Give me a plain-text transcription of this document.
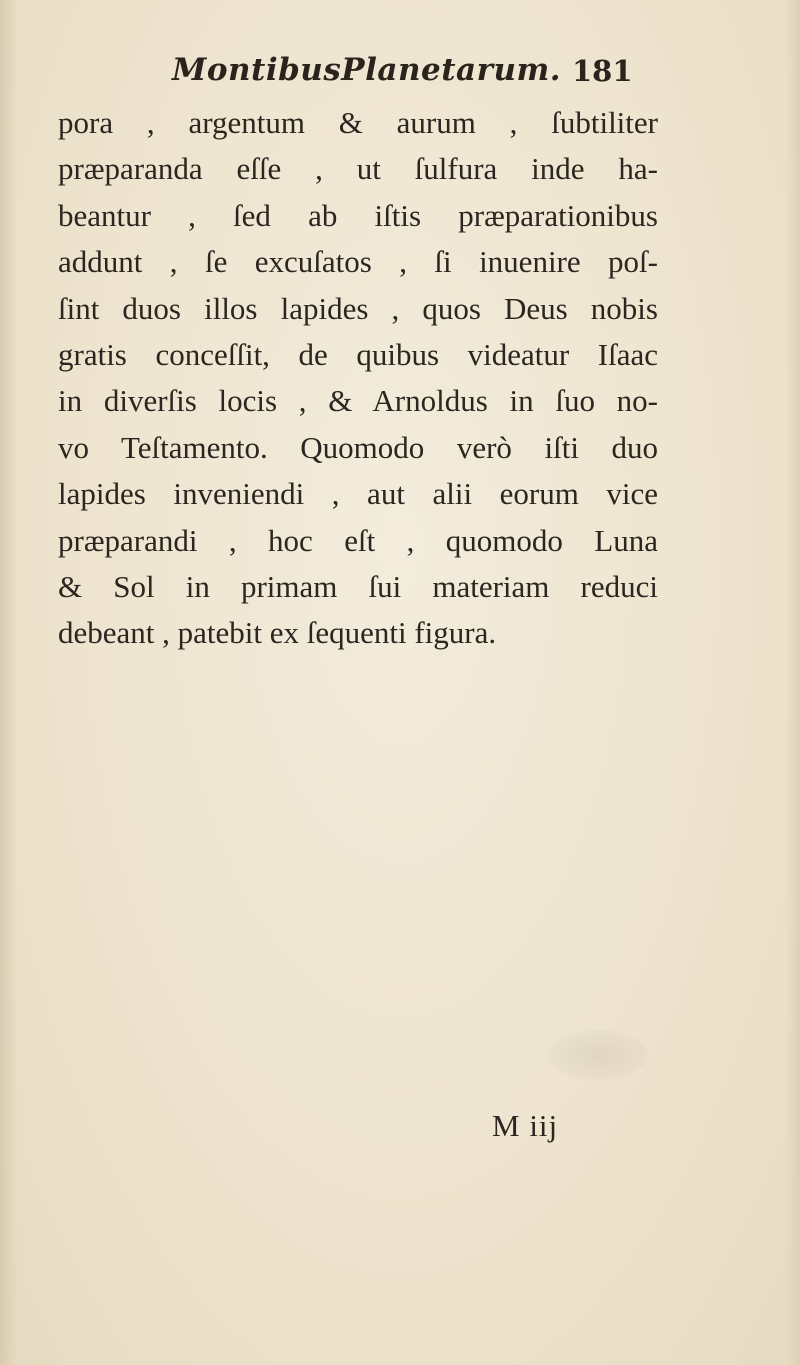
MontibusPlanetarum. 181
pora , argentum & aurum , ſubtiliter
præparanda eſſe , ut ſulfura inde ha-
beantur , ſed ab iſtis præparationibus
addunt , ſe excuſatos , ſi inuenire poſ-
ſint duos illos lapides , quos Deus nobis
gratis conceſſit, de quibus videatur Iſaac
in diverſis locis , & Arnoldus in ſuo no-
vo Teſtamento. Quomodo verò iſti duo
lapides inveniendi , aut alii eorum vice
præparandi , hoc eſt , quomodo Luna
& Sol in primam ſui materiam reduci
debeant , patebit ex ſequenti figura.
M iij
